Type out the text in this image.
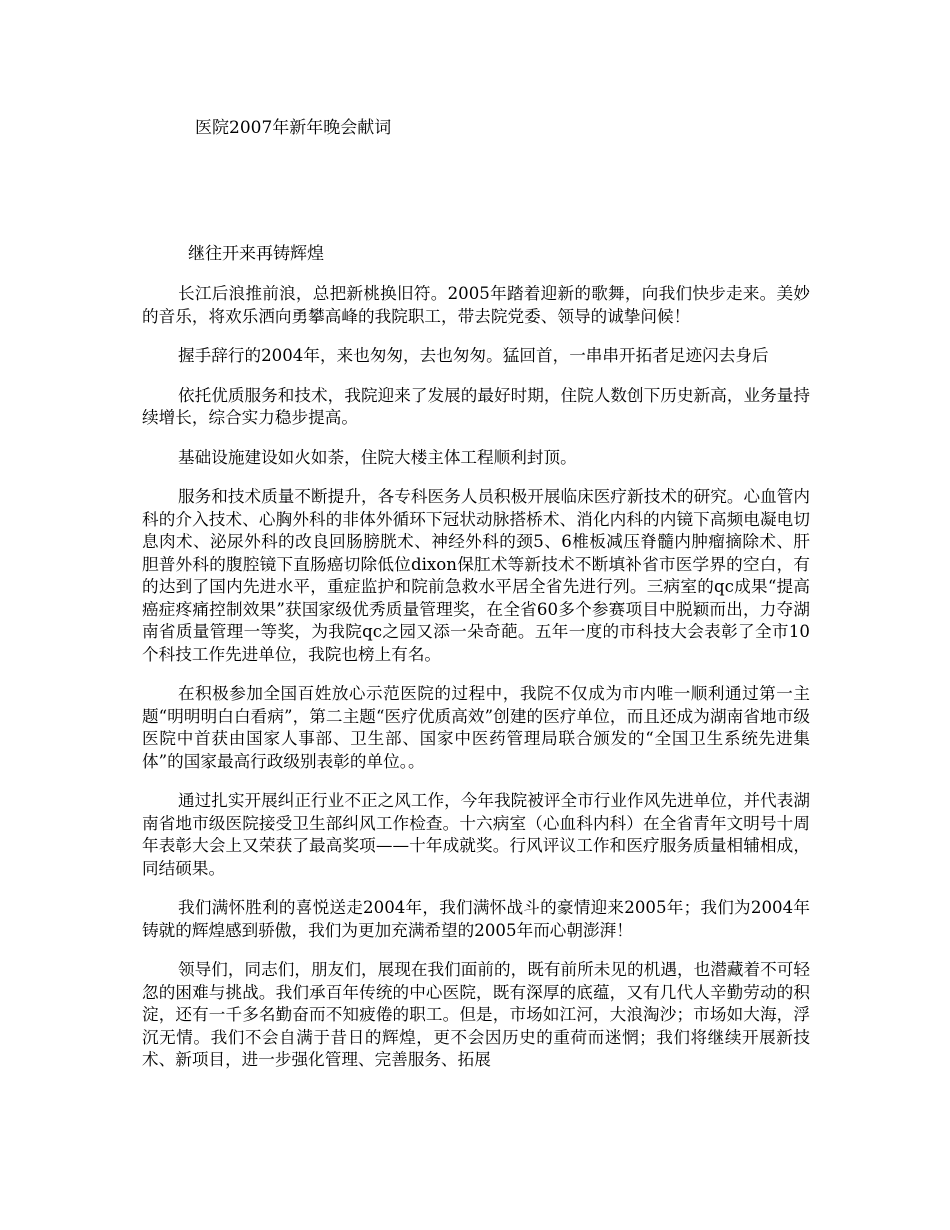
医院2007年新年晚会献词
继往开来再铸辉煌

长江后浪推前浪，总把新桃换旧符。2005年踏着迎新的歌舞，向我们快步走来。美妙的音乐，将欢乐洒向勇攀高峰的我院职工，带去院党委、领导的诚挚问候！

握手辞行的2004年，来也匆匆，去也匆匆。猛回首，一串串开拓者足迹闪去身后

依托优质服务和技术，我院迎来了发展的最好时期，住院人数创下历史新高，业务量持续增长，综合实力稳步提高。

基础设施建设如火如荼，住院大楼主体工程顺利封顶。

服务和技术质量不断提升，各专科医务人员积极开展临床医疗新技术的研究。心血管内科的介入技术、心胸外科的非体外循环下冠状动脉搭桥术、消化内科的内镜下高频电凝电切息肉术、泌尿外科的改良回肠膀胱术、神经外科的颈5、6椎板减压脊髓内肿瘤摘除术、肝胆普外科的腹腔镜下直肠癌切除低位dixon保肛术等新技术不断填补省市医学界的空白，有的达到了国内先进水平，重症监护和院前急救水平居全省先进行列。三病室的qc成果“提高癌症疼痛控制效果”获国家级优秀质量管理奖，在全省60多个参赛项目中脱颖而出，力夺湖南省质量管理一等奖，为我院qc之园又添一朵奇葩。五年一度的市科技大会表彰了全市10个科技工作先进单位，我院也榜上有名。

在积极参加全国百姓放心示范医院的过程中，我院不仅成为市内唯一顺利通过第一主题“明明明白白看病”，第二主题“医疗优质高效”创建的医疗单位，而且还成为湖南省地市级医院中首获由国家人事部、卫生部、国家中医药管理局联合颁发的“全国卫生系统先进集体”的国家最高行政级别表彰的单位。。

通过扎实开展纠正行业不正之风工作，今年我院被评全市行业作风先进单位，并代表湖南省地市级医院接受卫生部纠风工作检查。十六病室（心血科内科）在全省青年文明号十周年表彰大会上又荣获了最高奖项——十年成就奖。行风评议工作和医疗服务质量相辅相成，同结硕果。

我们满怀胜利的喜悦送走2004年，我们满怀战斗的豪情迎来2005年；我们为2004年铸就的辉煌感到骄傲，我们为更加充满希望的2005年而心朝澎湃！

领导们，同志们，朋友们，展现在我们面前的，既有前所未见的机遇，也潜藏着不可轻忽的困难与挑战。我们承百年传统的中心医院，既有深厚的底蕴，又有几代人辛勤劳动的积淀，还有一千多名勤奋而不知疲倦的职工。但是，市场如江河，大浪淘沙；市场如大海，浮沉无情。我们不会自满于昔日的辉煌，更不会因历史的重荷而迷惘；我们将继续开展新技术、新项目，进一步强化管理、完善服务、拓展
